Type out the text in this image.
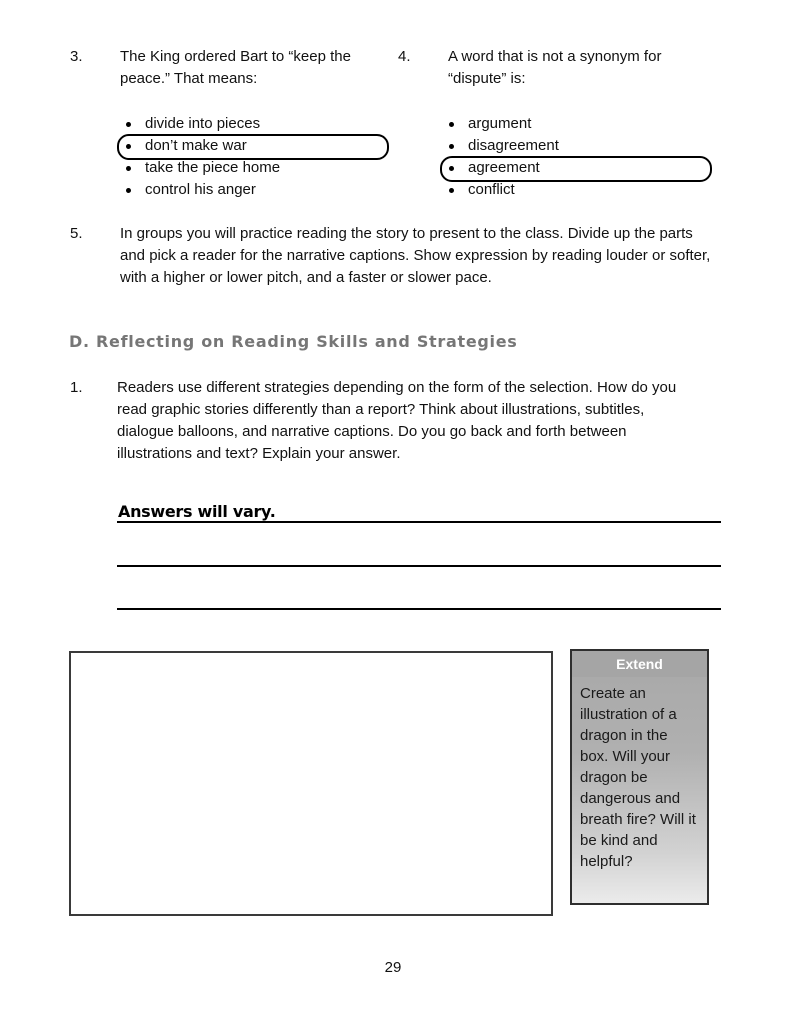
3. The King ordered Bart to “keep the peace.” That means:
divide into pieces
don’t make war
take the piece home
control his anger
4. A word that is not a synonym for “dispute” is:
argument
disagreement
agreement
conflict
5. In groups you will practice reading the story to present to the class. Divide up the parts and pick a reader for the narrative captions. Show expression by reading louder or softer, with a higher or lower pitch, and a faster or slower pace.
D. Reflecting on Reading Skills and Strategies
1. Readers use different strategies depending on the form of the selection. How do you read graphic stories differently than a report? Think about illustrations, subtitles, dialogue balloons, and narrative captions. Do you go back and forth between illustrations and text? Explain your answer.
Answers will vary.
Extend
Create an illustration of a dragon in the box. Will your dragon be dangerous and breath fire? Will it be kind and helpful?
29
